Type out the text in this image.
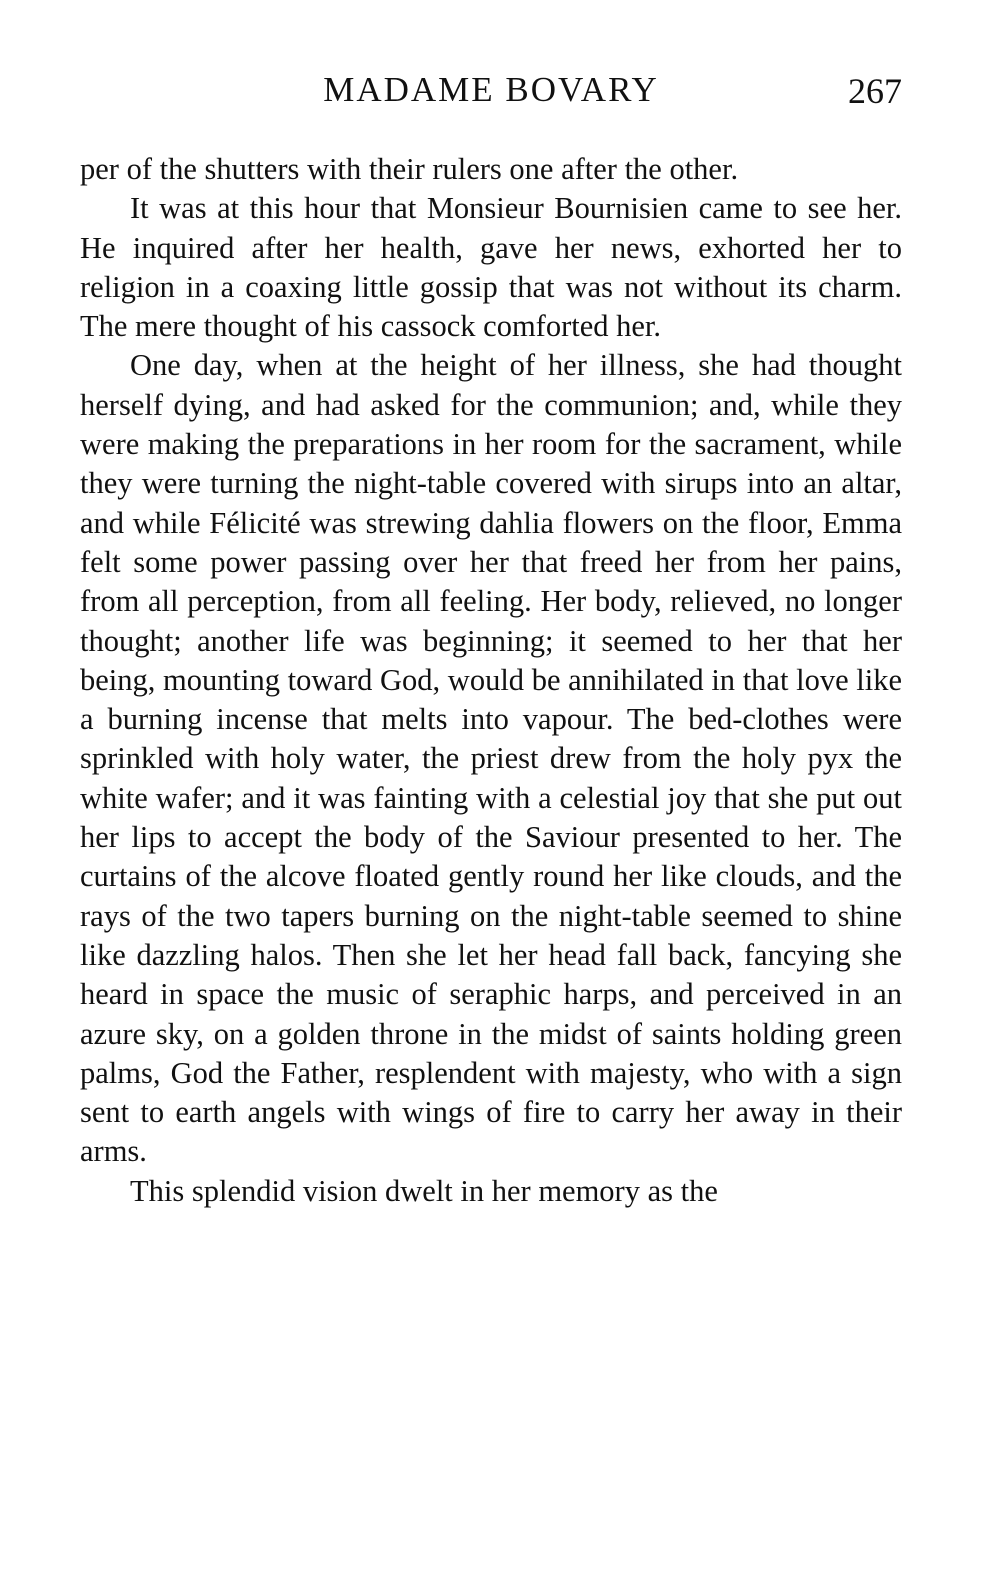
MADAME BOVARY	267

per of the shutters with their rulers one after the other.

It was at this hour that Monsieur Bournisien came to see her. He inquired after her health, gave her news, exhorted her to religion in a coaxing little gossip that was not without its charm. The mere thought of his cassock comforted her.

One day, when at the height of her illness, she had thought herself dying, and had asked for the communion; and, while they were making the preparations in her room for the sacrament, while they were turning the night-table covered with sirups into an altar, and while Félicité was strewing dahlia flowers on the floor, Emma felt some power passing over her that freed her from her pains, from all perception, from all feeling. Her body, relieved, no longer thought; another life was beginning; it seemed to her that her being, mounting toward God, would be annihilated in that love like a burning incense that melts into vapour. The bed-clothes were sprinkled with holy water, the priest drew from the holy pyx the white wafer; and it was fainting with a celestial joy that she put out her lips to accept the body of the Saviour presented to her. The curtains of the alcove floated gently round her like clouds, and the rays of the two tapers burning on the night-table seemed to shine like dazzling halos. Then she let her head fall back, fancying she heard in space the music of seraphic harps, and perceived in an azure sky, on a golden throne in the midst of saints holding green palms, God the Father, resplendent with majesty, who with a sign sent to earth angels with wings of fire to carry her away in their arms.

This splendid vision dwelt in her memory as the
